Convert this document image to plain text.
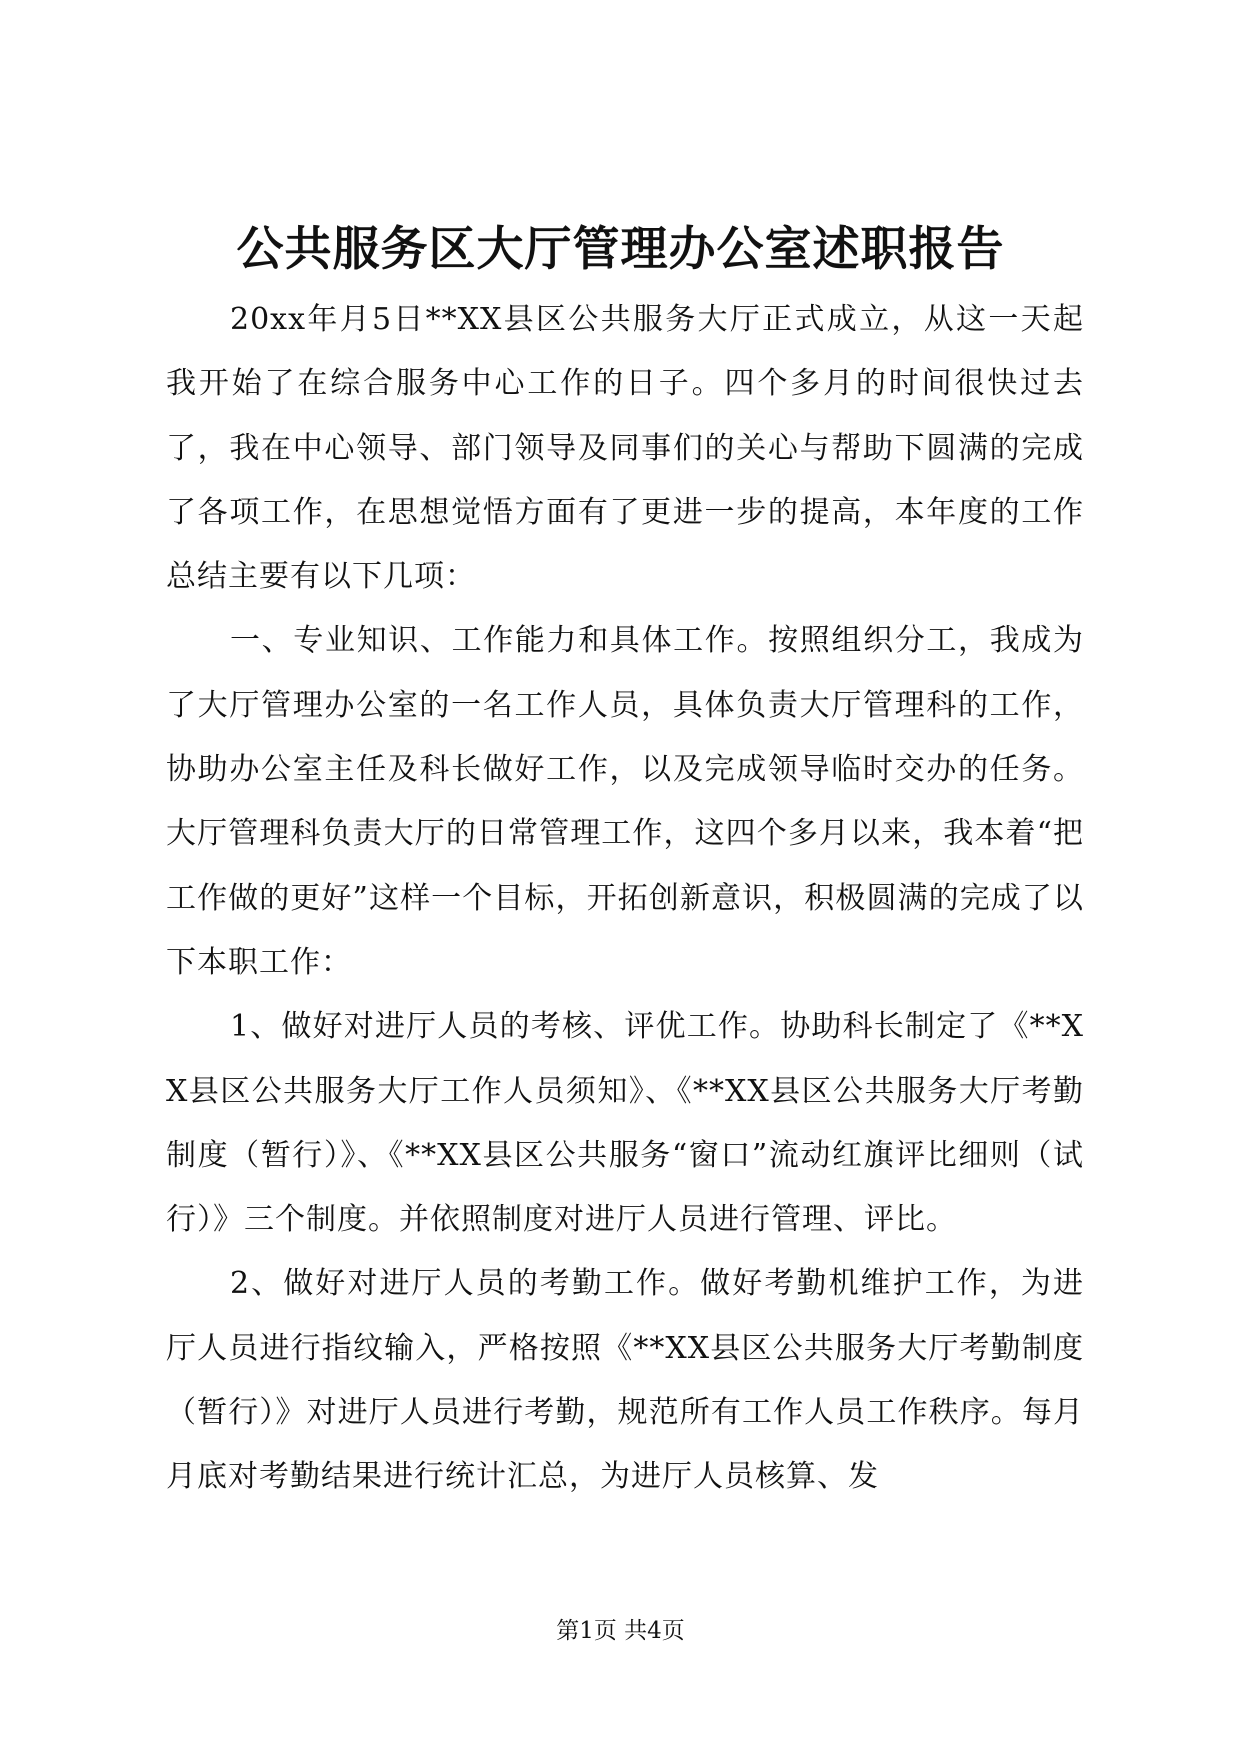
公共服务区大厅管理办公室述职报告

20xx年月5日**XX县区公共服务大厅正式成立，从这一天起我开始了在综合服务中心工作的日子。四个多月的时间很快过去了，我在中心领导、部门领导及同事们的关心与帮助下圆满的完成了各项工作，在思想觉悟方面有了更进一步的提高，本年度的工作总结主要有以下几项：

一、专业知识、工作能力和具体工作。按照组织分工，我成为了大厅管理办公室的一名工作人员，具体负责大厅管理科的工作，协助办公室主任及科长做好工作，以及完成领导临时交办的任务。大厅管理科负责大厅的日常管理工作，这四个多月以来，我本着“把工作做的更好”这样一个目标，开拓创新意识，积极圆满的完成了以下本职工作：

1、做好对进厅人员的考核、评优工作。协助科长制定了《**XX县区公共服务大厅工作人员须知》、《**XX县区公共服务大厅考勤制度（暂行）》、《**XX县区公共服务“窗口”流动红旗评比细则（试行）》三个制度。并依照制度对进厅人员进行管理、评比。

2、做好对进厅人员的考勤工作。做好考勤机维护工作，为进厅人员进行指纹输入，严格按照《**XX县区公共服务大厅考勤制度（暂行）》对进厅人员进行考勤，规范所有工作人员工作秩序。每月月底对考勤结果进行统计汇总，为进厅人员核算、发

第1页 共4页
